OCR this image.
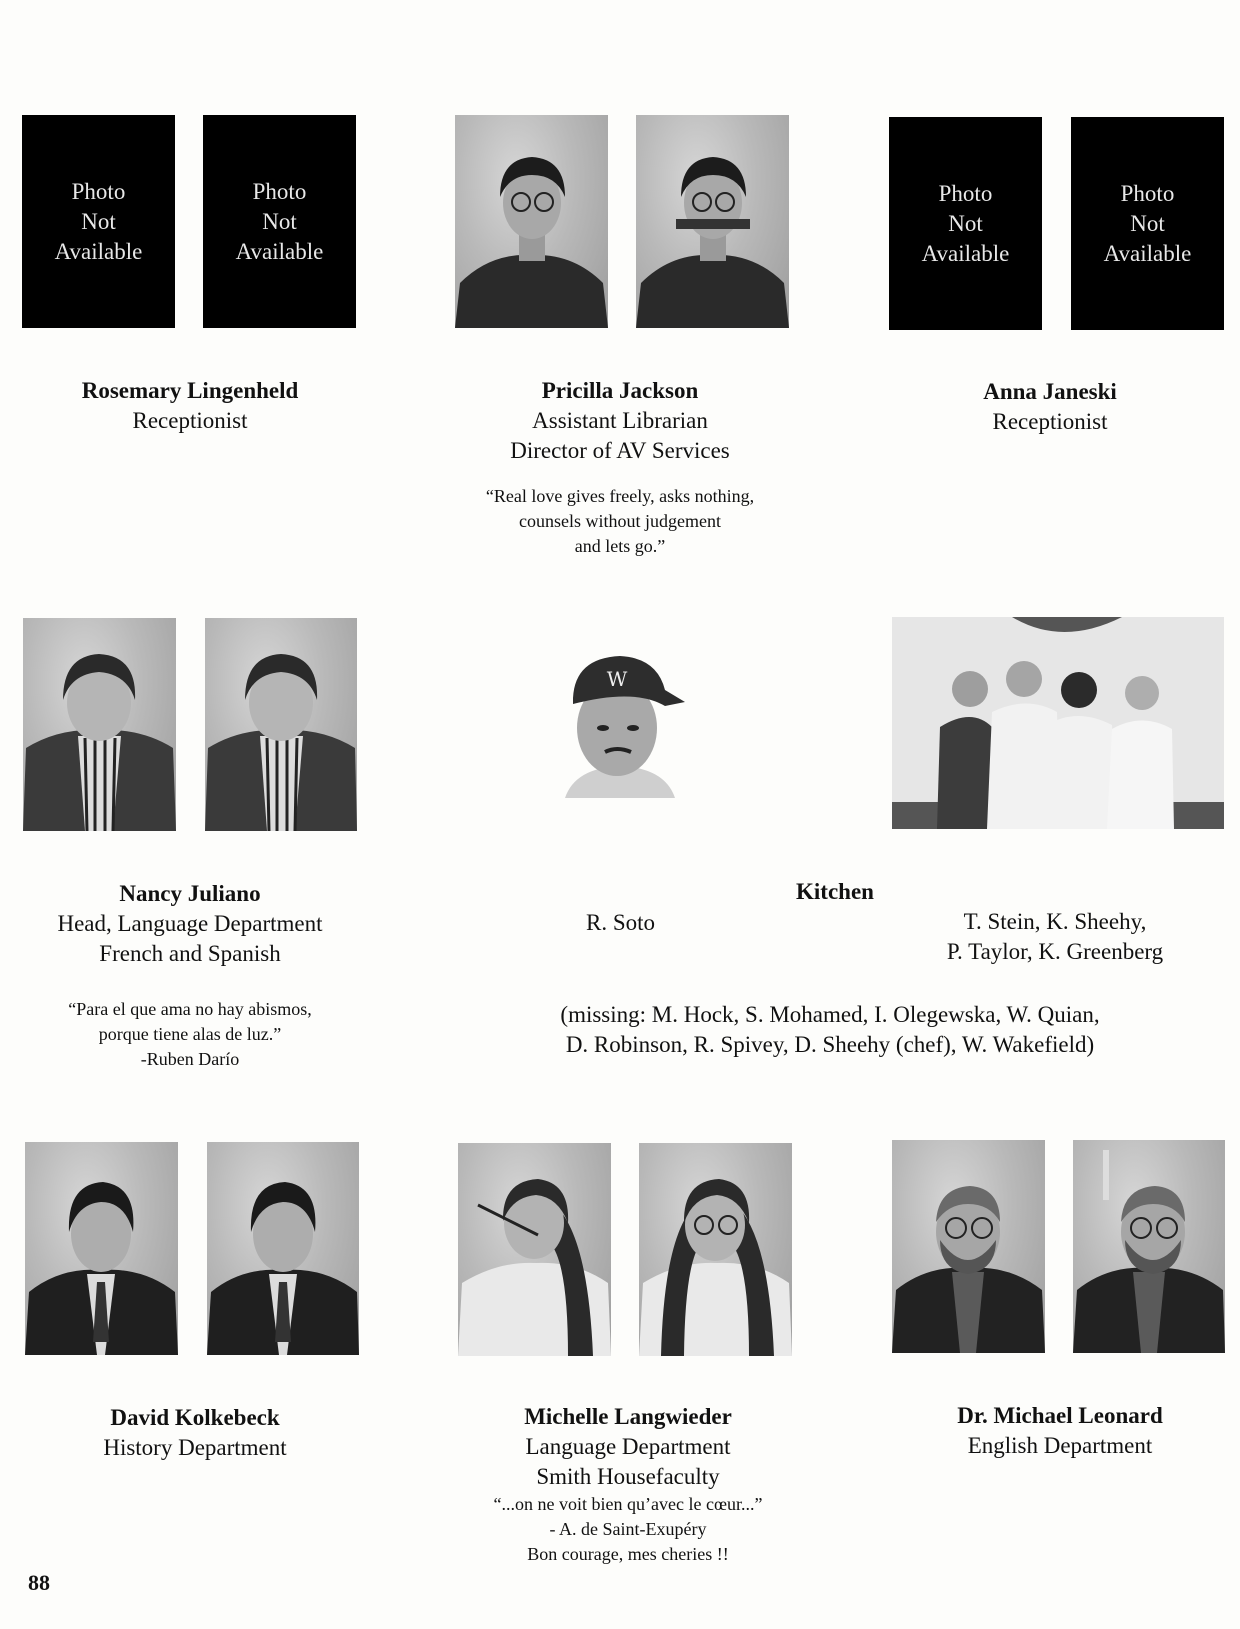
Photo
Not
Available
Photo
Not
Available
Photo
Not
Available
Photo
Not
Available
Rosemary Lingenheld
Receptionist
Pricilla Jackson
Assistant Librarian
Director of AV Services
“Real love gives freely, asks nothing,
counsels without judgement
and lets go.”
Anna Janeski
Receptionist
W
Nancy Juliano
Head, Language Department
French and Spanish
“Para el que ama no hay abismos,
porque tiene alas de luz.”
-Ruben Darío
Kitchen
R. Soto	T. Stein, K. Sheehy,
P. Taylor, K. Greenberg
(missing: M. Hock, S. Mohamed, I. Olegewska, W. Quian,
D. Robinson, R. Spivey, D. Sheehy (chef), W. Wakefield)
David Kolkebeck
History Department
Michelle Langwieder
Language Department
Smith Housefaculty
“...on ne voit bien qu’avec le cœur...”
- A. de Saint-Exupéry
Bon courage, mes cheries !!
Dr. Michael Leonard
English Department
88
